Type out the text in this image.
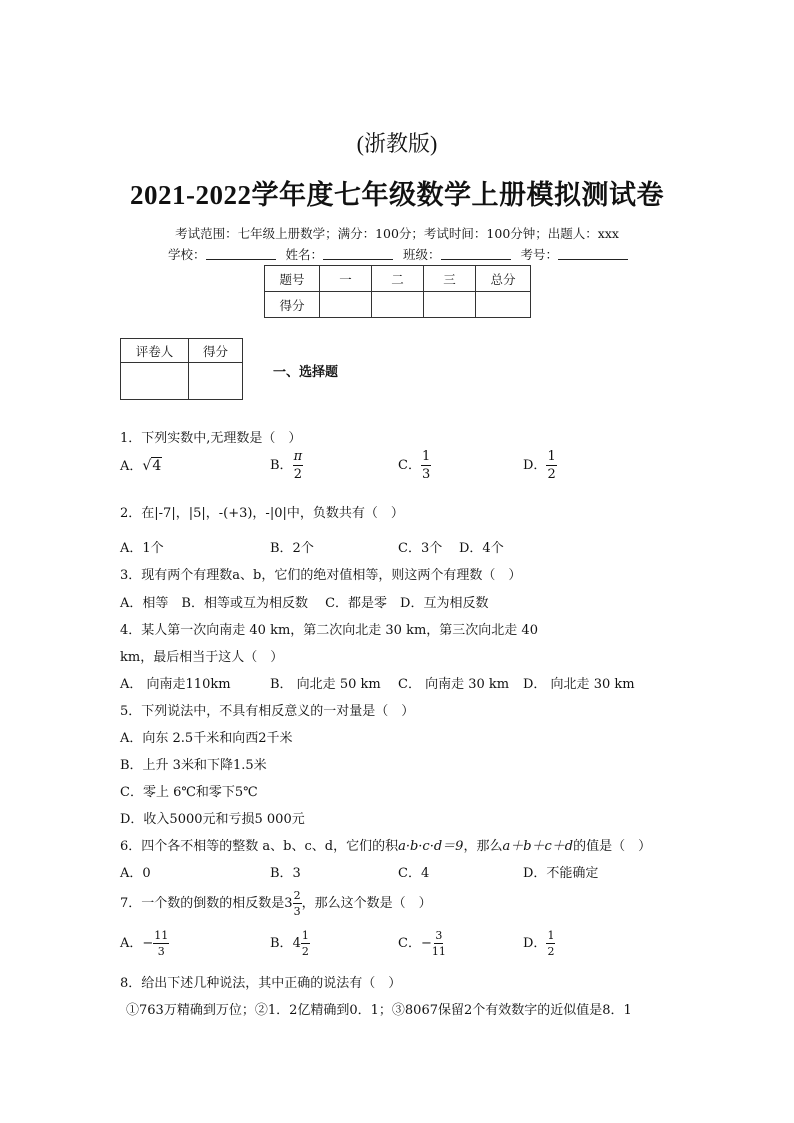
(浙教版)
2021-2022学年度七年级数学上册模拟测试卷
考试范围：七年级上册数学；满分：100分；考试时间：100分钟；出题人：xxx
学校：	姓名：	班级：	考号：
题号	一	二	三	总分
得分				
评卷人	得分

一、选择题
1．下列实数中,无理数是（　）
A．√4	B． $\frac{\pi}{2}$	C． $\frac{1}{3}$	D． $\frac{1}{2}$
2．在|-7|，|5|，-(+3)，-|0|中，负数共有（　）
A．1个	B．2个	C．3个 D．4个
3．现有两个有理数a、b，它们的绝对值相等，则这两个有理数（　）
A．相等　B．相等或互为相反数　 C．都是零　D．互为相反数
4．某人第一次向南走 40 km，第二次向北走 30 km，第三次向北走 40
km，最后相当于这人（　）
A． 向南走110km	B． 向北走 50 km C． 向南走 30 km D． 向北走 30 km
5．下列说法中，不具有相反意义的一对量是（　）
A．向东 2.5千米和向西2千米
B．上升 3米和下降1.5米
C．零上 6℃和零下5℃
D．收入5000元和亏损5 000元
6．四个各不相等的整数 a、b、c、d，它们的积a·b·c·d＝9，那么a＋b＋c＋d的值是（　）
A．0	B．3	C．4	D．不能确定
7．一个数的倒数的相反数是$3 \frac{2}{3}$ ，那么这个数是（　）
A．− $\frac{11}{3}$	B．$4 \frac{1}{2}$	C．− $\frac{3}{11}$	D． $\frac{1}{2}$
8．给出下述几种说法，其中正确的说法有（　）
①763万精确到万位；②1．2亿精确到0．1；③8067保留2个有效数字的近似值是8．1
